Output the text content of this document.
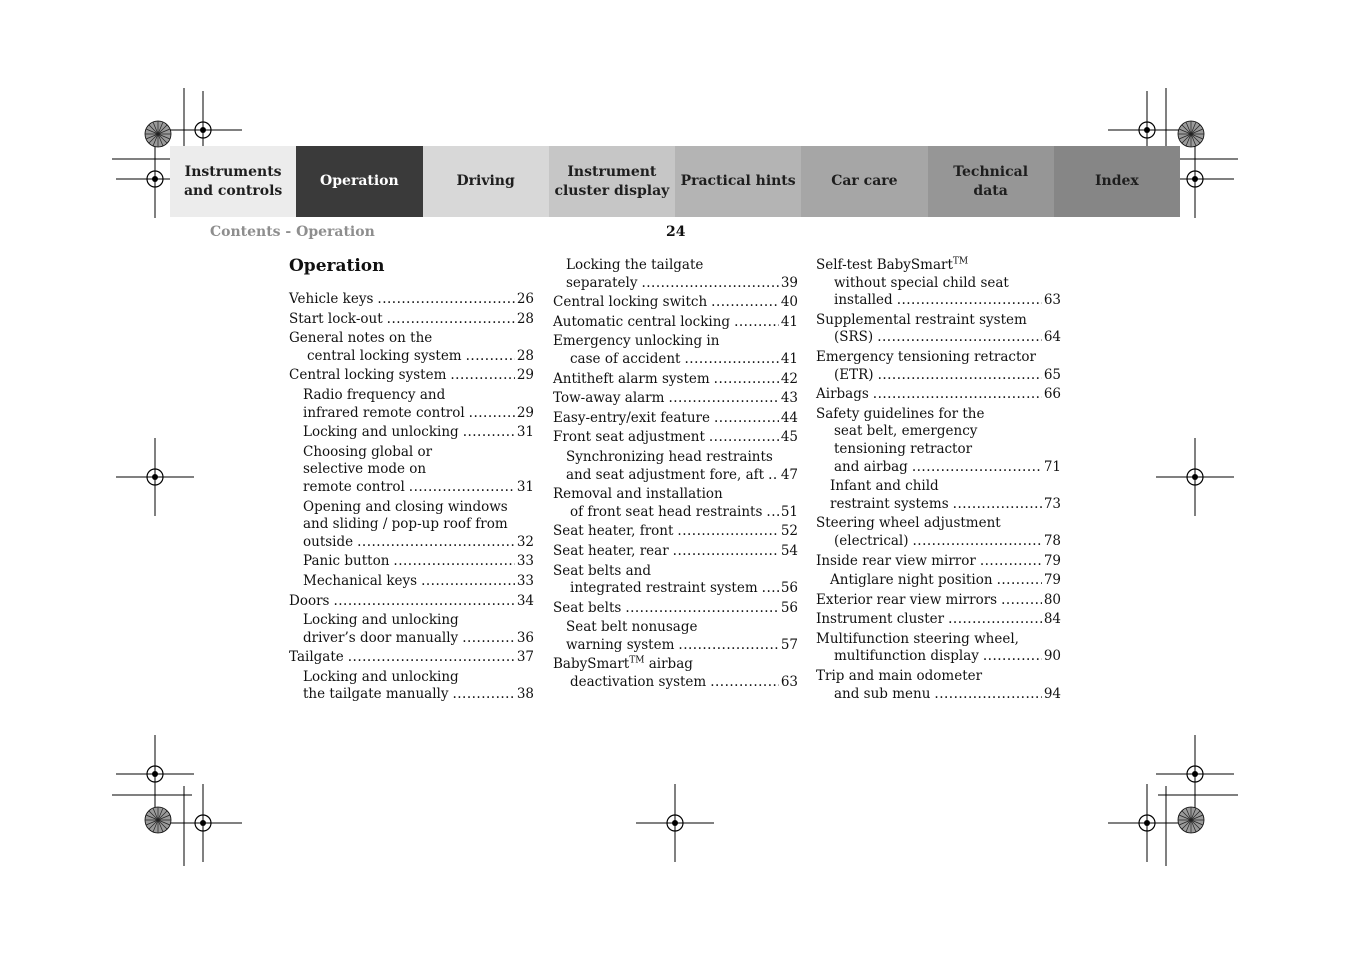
Instruments
and controls
Operation	Driving
Instrument
cluster display
Practical hints	Car care
Technical
data
Index
Contents - Operation	24
Operation
Vehicle keys .....	26
Start lock-out .....	28
General notes on the
central locking system .....	28
Central locking system .....	29
Radio frequency and
infrared remote control .....	29
Locking and unlocking .....	31
Choosing global or
selective mode on
remote control .....	31
Opening and closing windows
and sliding / pop-up roof from
outside .....	32
Panic button .....	33
Mechanical keys .....	33
Doors .....	34
Locking and unlocking
driver’s door manually .....	36
Tailgate .....	37
Locking and unlocking
the tailgate manually .....	38
Locking the tailgate
separately .....	39
Central locking switch .....	40
Automatic central locking .....	41
Emergency unlocking in
case of accident .....	41
Antitheft alarm system .....	42
Tow-away alarm .....	43
Easy-entry/exit feature .....	44
Front seat adjustment .....	45
Synchronizing head restraints
and seat adjustment fore, aft ..... 47
Removal and installation
of front seat head restraints ..... 51
Seat heater, front .....	52
Seat heater, rear .....	54
Seat belts and
integrated restraint system ..... 56
Seat belts .....	56
Seat belt nonusage
warning system .....	57
BabySmart™ airbag
deactivation system .....	63
Self-test BabySmart™
without special child seat
installed .....	63
Supplemental restraint system
(SRS) .....	64
Emergency tensioning retractor
(ETR) .....	65
Airbags .....	66
Safety guidelines for the
seat belt, emergency
tensioning retractor
and airbag .....	71
Infant and child
restraint systems .....	73
Steering wheel adjustment
(electrical) .....	78
Inside rear view mirror .....	79
Antiglare night position .....	79
Exterior rear view mirrors .....	80
Instrument cluster .....	84
Multifunction steering wheel,
multifunction display .....	90
Trip and main odometer
and sub menu .....	94
